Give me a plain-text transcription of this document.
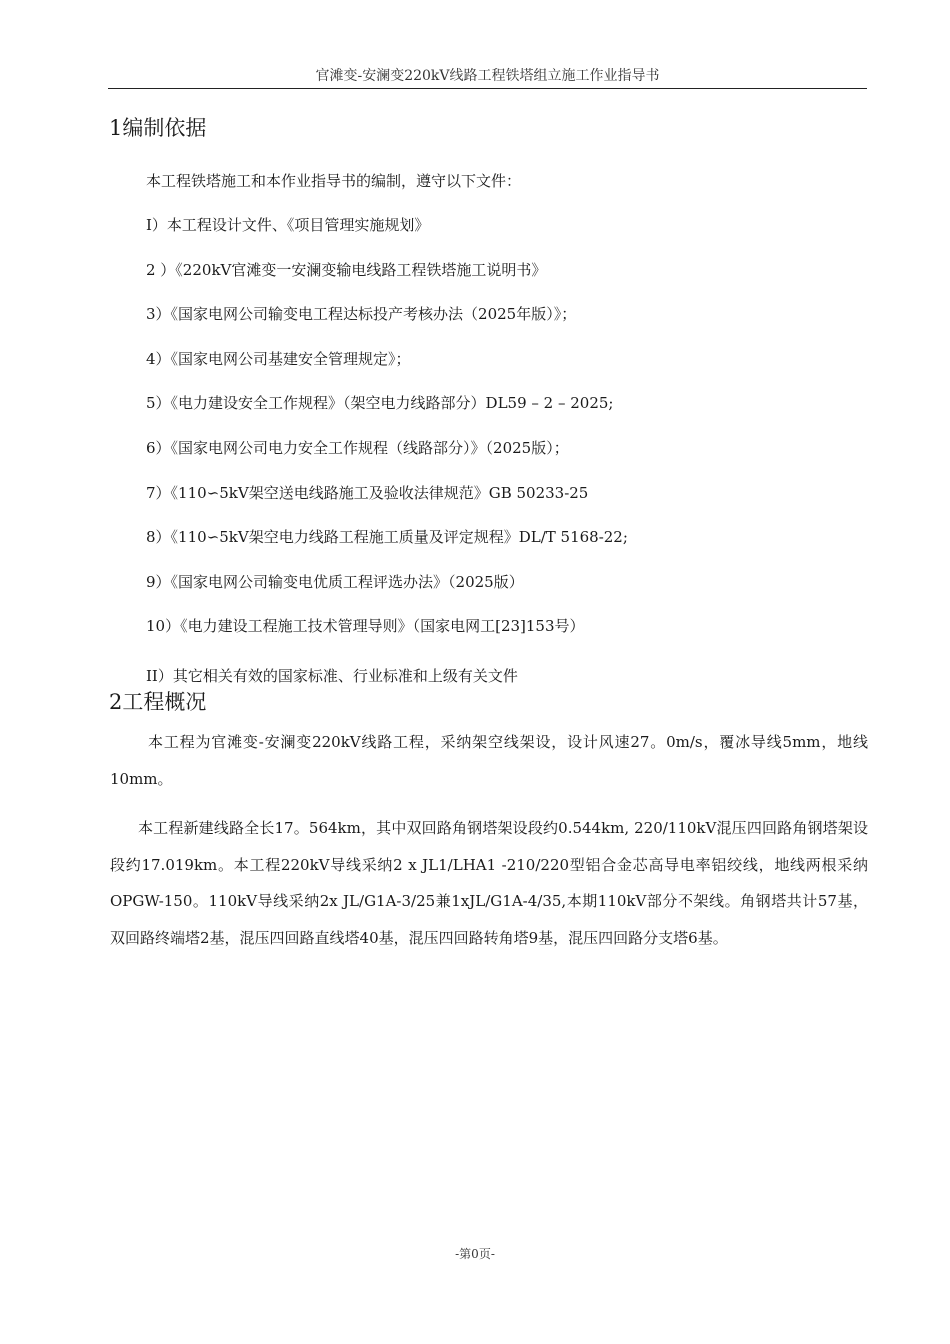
官滩变-安澜变220kV线路工程铁塔组立施工作业指导书
1编制依据
本工程铁塔施工和本作业指导书的编制，遵守以下文件：
I）本工程设计文件、《项目管理实施规划》
2 ）《220kV官滩变一安澜变输电线路工程铁塔施工说明书》
3）《国家电网公司输变电工程达标投产考核办法（2025年版）》；
4）《国家电网公司基建安全管理规定》；
5）《电力建设安全工作规程》（架空电力线路部分）DL59 – 2 – 2025;
6）《国家电网公司电力安全工作规程（线路部分）》（2025版）；
7）《110∽5kV架空送电线路施工及验收法律规范》GB 50233-25
8）《110∽5kV架空电力线路工程施工质量及评定规程》DL/T 5168-22;
9）《国家电网公司输变电优质工程评选办法》（2025版）
10）《电力建设工程施工技术管理导则》（国家电网工[23]153号）
II）其它相关有效的国家标准、行业标准和上级有关文件
2工程概况

本工程为官滩变-安澜变220kV线路工程，采纳架空线架设，设计风速27。0m/s，覆冰导线5mm，地线10mm。

本工程新建线路全长17。564km，其中双回路角钢塔架设段约0.544km, 220/110kV混压四回路角钢塔架设段约17.019km。本工程220kV导线采纳2 x JL1/LHA1 -210/220型铝合金芯高导电率铝绞线，地线两根采纳OPGW-150。110kV导线采纳2x JL/G1A-3/25兼1xJL/G1A-4/35,本期110kV部分不架线。角钢塔共计57基，双回路终端塔2基，混压四回路直线塔40基，混压四回路转角塔9基，混压四回路分支塔6基。

-第0页-
